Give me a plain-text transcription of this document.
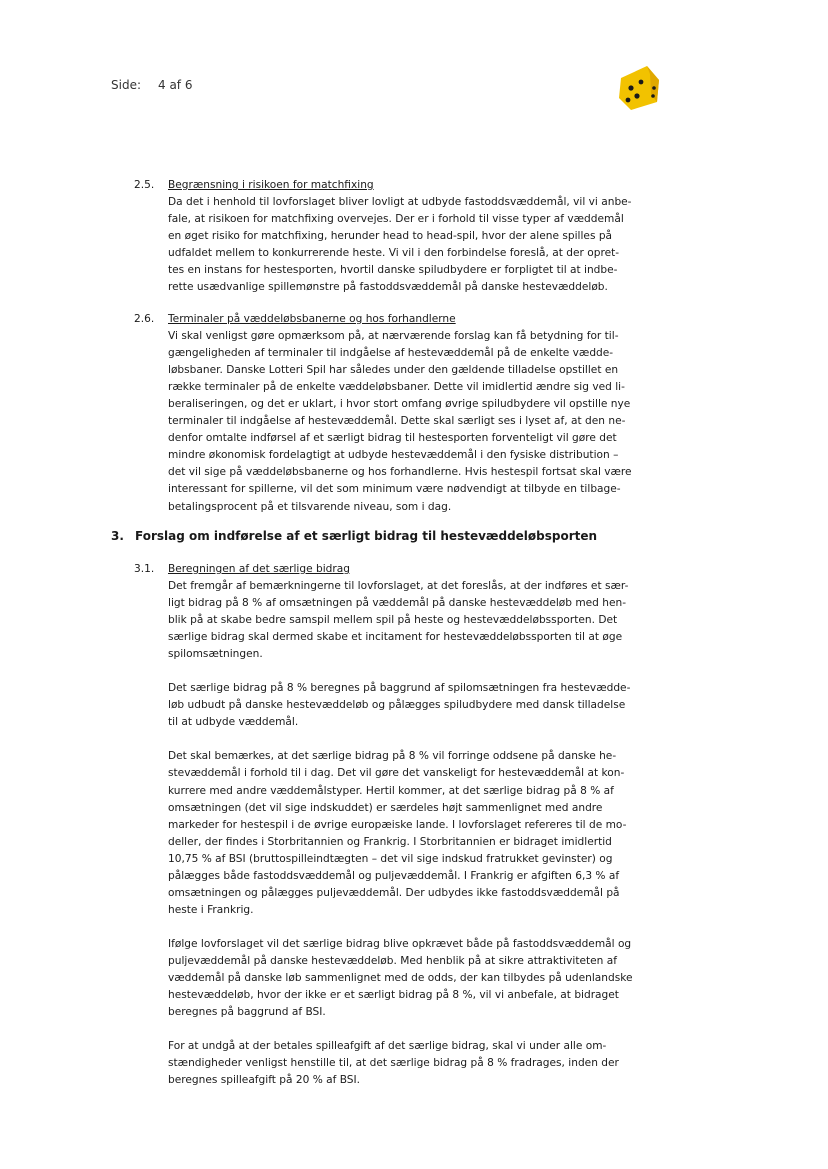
Side: 4 af 6
2.5. Begrænsning i risikoen for matchfixing

Da det i henhold til lovforslaget bliver lovligt at udbyde fastoddsvæddemål, vil vi anbe-
fale, at risikoen for matchfixing overvejes. Der er i forhold til visse typer af væddemål
en øget risiko for matchfixing, herunder head to head-spil, hvor der alene spilles på
udfaldet mellem to konkurrerende heste. Vi vil i den forbindelse foreslå, at der opret-
tes en instans for hestesporten, hvortil danske spiludbydere er forpligtet til at indbe-
rette usædvanlige spillemønstre på fastoddsvæddemål på danske hestevæddeløb.

2.6. Terminaler på væddeløbsbanerne og hos forhandlerne

Vi skal venligst gøre opmærksom på, at nærværende forslag kan få betydning for til-
gængeligheden af terminaler til indgåelse af hestevæddemål på de enkelte vædde-
løbsbaner. Danske Lotteri Spil har således under den gældende tilladelse opstillet en
række terminaler på de enkelte væddeløbsbaner. Dette vil imidlertid ændre sig ved li-
beraliseringen, og det er uklart, i hvor stort omfang øvrige spiludbydere vil opstille nye
terminaler til indgåelse af hestevæddemål. Dette skal særligt ses i lyset af, at den ne-
denfor omtalte indførsel af et særligt bidrag til hestesporten forventeligt vil gøre det
mindre økonomisk fordelagtigt at udbyde hestevæddemål i den fysiske distribution –
det vil sige på væddeløbsbanerne og hos forhandlerne. Hvis hestespil fortsat skal være
interessant for spillerne, vil det som minimum være nødvendigt at tilbyde en tilbage-
betalingsprocent på et tilsvarende niveau, som i dag.

3. Forslag om indførelse af et særligt bidrag til hestevæddeløbsporten
3.1. Beregningen af det særlige bidrag

Det fremgår af bemærkningerne til lovforslaget, at det foreslås, at der indføres et sær-
ligt bidrag på 8 % af omsætningen på væddemål på danske hestevæddeløb med hen-
blik på at skabe bedre samspil mellem spil på heste og hestevæddeløbssporten. Det
særlige bidrag skal dermed skabe et incitament for hestevæddeløbssporten til at øge
spilomsætningen.

Det særlige bidrag på 8 % beregnes på baggrund af spilomsætningen fra hestevædde-
løb udbudt på danske hestevæddeløb og pålægges spiludbydere med dansk tilladelse
til at udbyde væddemål.

Det skal bemærkes, at det særlige bidrag på 8 % vil forringe oddsene på danske he-
stevæddemål i forhold til i dag. Det vil gøre det vanskeligt for hestevæddemål at kon-
kurrere med andre væddemålstyper. Hertil kommer, at det særlige bidrag på 8 % af
omsætningen (det vil sige indskuddet) er særdeles højt sammenlignet med andre
markeder for hestespil i de øvrige europæiske lande. I lovforslaget refereres til de mo-
deller, der findes i Storbritannien og Frankrig. I Storbritannien er bidraget imidlertid
10,75 % af BSI (bruttospilleindtægten – det vil sige indskud fratrukket gevinster) og
pålægges både fastoddsvæddemål og puljevæddemål. I Frankrig er afgiften 6,3 % af
omsætningen og pålægges puljevæddemål. Der udbydes ikke fastoddsvæddemål på
heste i Frankrig.

Ifølge lovforslaget vil det særlige bidrag blive opkrævet både på fastoddsvæddemål og
puljevæddemål på danske hestevæddeløb. Med henblik på at sikre attraktiviteten af
væddemål på danske løb sammenlignet med de odds, der kan tilbydes på udenlandske
hestevæddeløb, hvor der ikke er et særligt bidrag på 8 %, vil vi anbefale, at bidraget
beregnes på baggrund af BSI.

For at undgå at der betales spilleafgift af det særlige bidrag, skal vi under alle om-
stændigheder venligst henstille til, at det særlige bidrag på 8 % fradrages, inden der
beregnes spilleafgift på 20 % af BSI.
